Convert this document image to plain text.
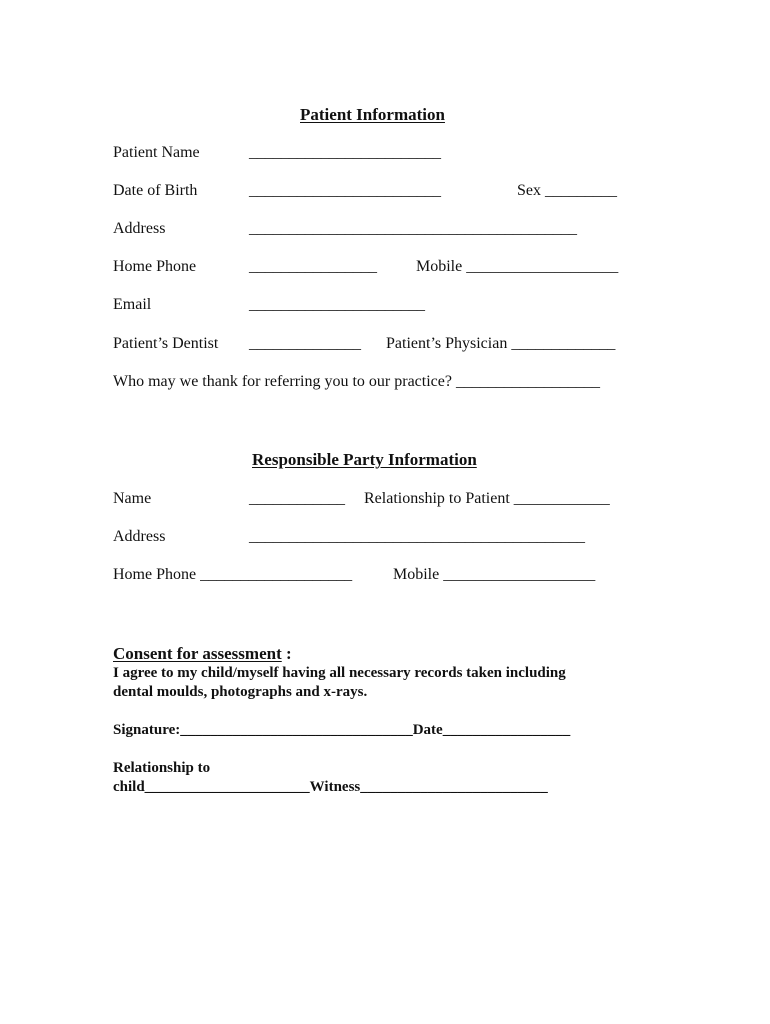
Patient Information
Patient Name	________________________
Date of Birth	________________________	Sex _________
Address	_________________________________________
Home Phone	________________ Mobile ___________________
Email	______________________
Patient’s Dentist ______________ Patient’s Physician _____________
Who may we thank for referring you to our practice? __________________
Responsible Party Information
Name	____________ Relationship to Patient ____________
Address	__________________________________________
Home Phone ___________________	Mobile ___________________
Consent for assessment :
I agree to my child/myself having all necessary records taken including
dental moulds, photographs and x-rays.
Signature:_______________________________Date_________________
Relationship to
child______________________Witness_________________________
